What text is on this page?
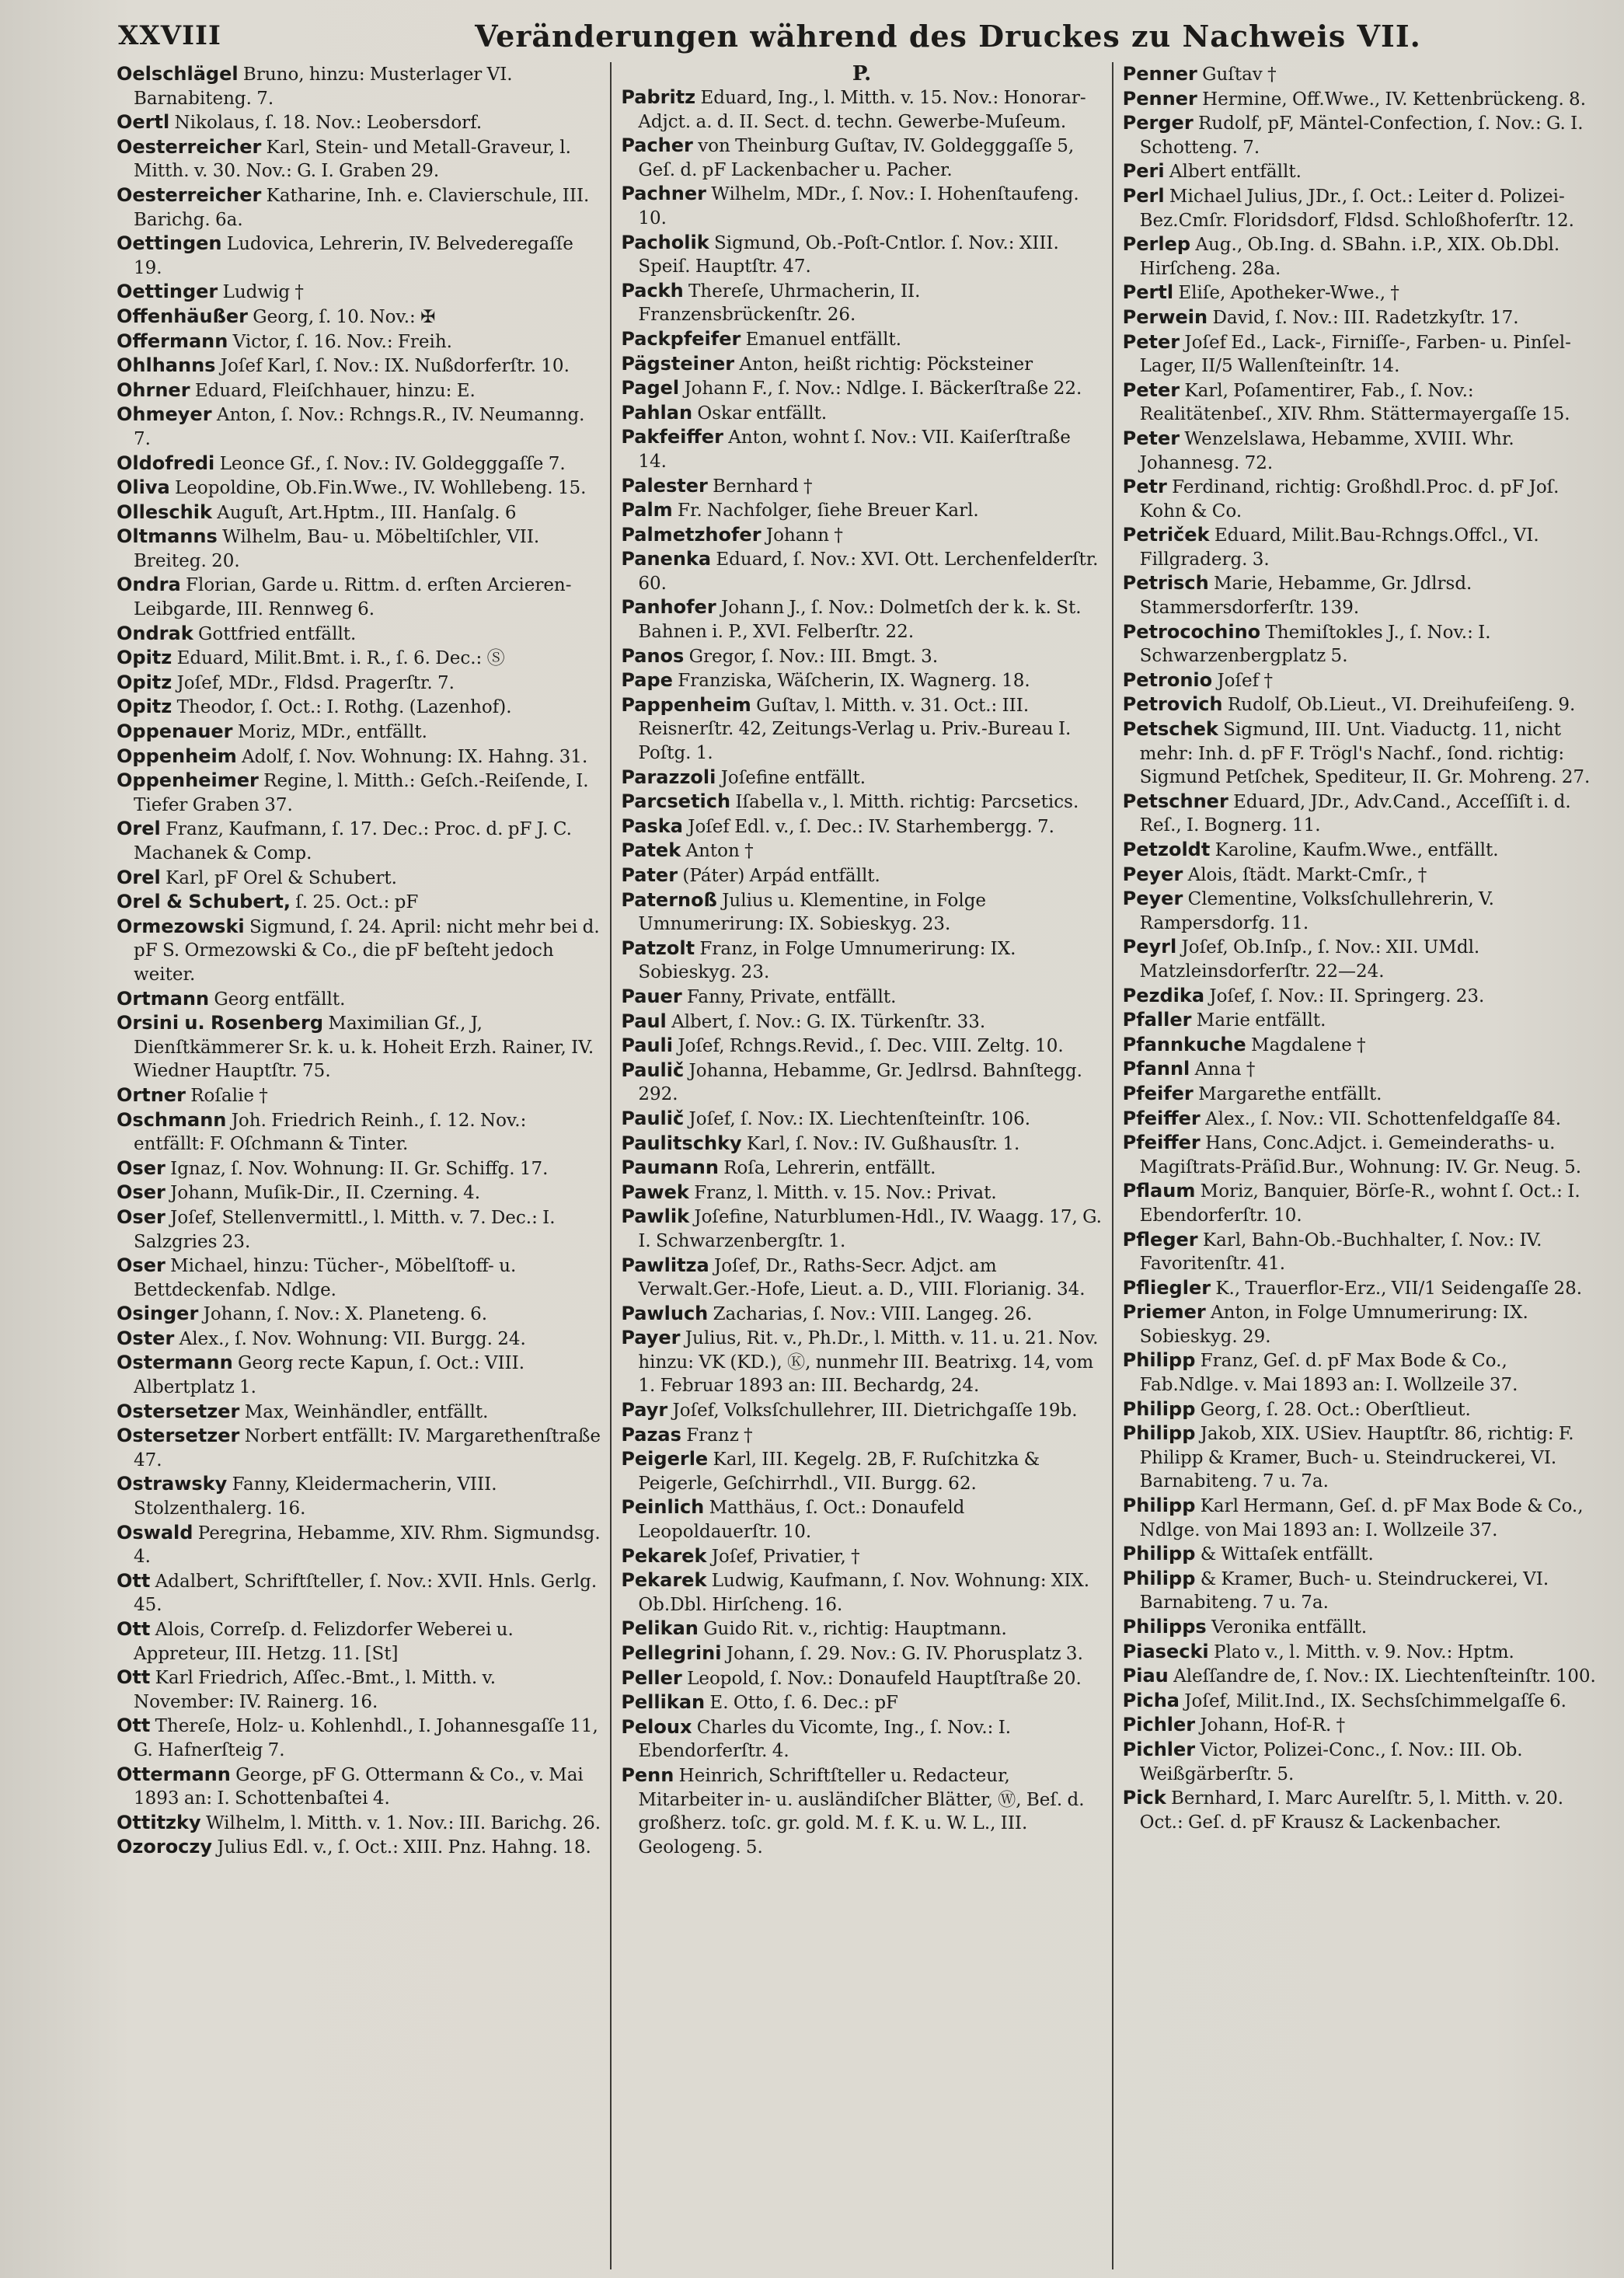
XXVIII	Veränderungen während des Druckes zu Nachweis VII.

Oelschlägel Bruno, hinzu: Musterlager VI. Barnabiteng. 7.

Oertl Nikolaus, ſ. 18. Nov.: Leobersdorf.

Oesterreicher Karl, Stein- und Metall-Graveur, l. Mitth. v. 30. Nov.: G. I. Graben 29.

Oesterreicher Katharine, Inh. e. Clavierschule, III. Barichg. 6a.

Oettingen Ludovica, Lehrerin, IV. Belvederegaſſe 19.

Oettinger Ludwig †

Offenhäußer Georg, ſ. 10. Nov.: ✠

Offermann Victor, ſ. 16. Nov.: Freih.

Ohlhanns Joſef Karl, ſ. Nov.: IX. Nußdorferſtr. 10.

Ohrner Eduard, Fleiſchhauer, hinzu: E.

Ohmeyer Anton, ſ. Nov.: Rchngs.R., IV. Neumanng. 7.

Oldofredi Leonce Gf., ſ. Nov.: IV. Goldegggaſſe 7.

Oliva Leopoldine, Ob.Fin.Wwe., IV. Wohllebeng. 15.

Olleschik Auguſt, Art.Hptm., III. Hanſalg. 6

Oltmanns Wilhelm, Bau- u. Möbeltiſchler, VII. Breiteg. 20.

Ondra Florian, Garde u. Rittm. d. erſten Arcieren-Leibgarde, III. Rennweg 6.

Ondrak Gottfried entfällt.

Opitz Eduard, Milit.Bmt. i. R., ſ. 6. Dec.: Ⓢ

Opitz Joſef, MDr., Fldsd. Pragerſtr. 7.

Opitz Theodor, ſ. Oct.: I. Rothg. (Lazenhof).

Oppenauer Moriz, MDr., entfällt.

Oppenheim Adolf, ſ. Nov. Wohnung: IX. Hahng. 31.

Oppenheimer Regine, l. Mitth.: Geſch.-Reiſende, I. Tiefer Graben 37.

Orel Franz, Kaufmann, ſ. 17. Dec.: Proc. d. pF J. C. Machanek & Comp.

Orel Karl, pF Orel & Schubert.

Orel & Schubert, ſ. 25. Oct.: pF

Ormezowski Sigmund, ſ. 24. April: nicht mehr bei d. pF S. Ormezowski & Co., die pF beſteht jedoch weiter.

Ortmann Georg entfällt.

Orsini u. Rosenberg Maximilian Gf., J, Dienſtkämmerer Sr. k. u. k. Hoheit Erzh. Rainer, IV. Wiedner Hauptſtr. 75.

Ortner Roſalie †

Oschmann Joh. Friedrich Reinh., ſ. 12. Nov.: entfällt: F. Oſchmann & Tinter.

Oser Ignaz, ſ. Nov. Wohnung: II. Gr. Schiffg. 17.

Oser Johann, Muſik-Dir., II. Czerning. 4.

Oser Joſef, Stellenvermittl., l. Mitth. v. 7. Dec.: I. Salzgries 23.

Oser Michael, hinzu: Tücher-, Möbelſtoff- u. Bettdeckenfab. Ndlge.

Osinger Johann, ſ. Nov.: X. Planeteng. 6.

Oster Alex., ſ. Nov. Wohnung: VII. Burgg. 24.

Ostermann Georg recte Kapun, ſ. Oct.: VIII. Albertplatz 1.

Ostersetzer Max, Weinhändler, entfällt.

Ostersetzer Norbert entfällt: IV. Margarethenſtraße 47.

Ostrawsky Fanny, Kleidermacherin, VIII. Stolzenthalerg. 16.

Oswald Peregrina, Hebamme, XIV. Rhm. Sigmundsg. 4.

Ott Adalbert, Schriftſteller, ſ. Nov.: XVII. Hnls. Gerlg. 45.

Ott Alois, Correſp. d. Felizdorfer Weberei u. Appreteur, III. Hetzg. 11. [St]

Ott Karl Friedrich, Aſſec.-Bmt., l. Mitth. v. November: IV. Rainerg. 16.

Ott Thereſe, Holz- u. Kohlenhdl., I. Johannesgaſſe 11, G. Hafnerſteig 7.

Ottermann George, pF G. Ottermann & Co., v. Mai 1893 an: I. Schottenbaſtei 4.

Ottitzky Wilhelm, l. Mitth. v. 1. Nov.: III. Barichg. 26.

Ozoroczy Julius Edl. v., ſ. Oct.: XIII. Pnz. Hahng. 18.

P.

Pabritz Eduard, Ing., l. Mitth. v. 15. Nov.: Honorar-Adjct. a. d. II. Sect. d. techn. Gewerbe-Muſeum.

Pacher von Theinburg Guſtav, IV. Goldegggaſſe 5, Geſ. d. pF Lackenbacher u. Pacher.

Pachner Wilhelm, MDr., ſ. Nov.: I. Hohenſtaufeng. 10.

Pacholik Sigmund, Ob.-Poſt-Cntlor. ſ. Nov.: XIII. Speiſ. Hauptſtr. 47.

Packh Thereſe, Uhrmacherin, II. Franzensbrückenſtr. 26.

Packpfeifer Emanuel entfällt.

Pägsteiner Anton, heißt richtig: Pöcksteiner

Pagel Johann F., ſ. Nov.: Ndlge. I. Bäckerſtraße 22.

Pahlan Oskar entfällt.

Pakfeiffer Anton, wohnt ſ. Nov.: VII. Kaiſerſtraße 14.

Palester Bernhard †

Palm Fr. Nachfolger, ſiehe Breuer Karl.

Palmetzhofer Johann †

Panenka Eduard, ſ. Nov.: XVI. Ott. Lerchenfelderſtr. 60.

Panhofer Johann J., ſ. Nov.: Dolmetſch der k. k. St. Bahnen i. P., XVI. Felberſtr. 22.

Panos Gregor, ſ. Nov.: III. Bmgt. 3.

Pape Franziska, Wäſcherin, IX. Wagnerg. 18.

Pappenheim Guſtav, l. Mitth. v. 31. Oct.: III. Reisnerſtr. 42, Zeitungs-Verlag u. Priv.-Bureau I. Poſtg. 1.

Parazzoli Joſefine entfällt.

Parcsetich Iſabella v., l. Mitth. richtig: Parcsetics.

Paska Joſef Edl. v., ſ. Dec.: IV. Starhembergg. 7.

Patek Anton †

Pater (Páter) Arpád entfällt.

Paternoß Julius u. Klementine, in Folge Umnumerirung: IX. Sobieskyg. 23.

Patzolt Franz, in Folge Umnumerirung: IX. Sobieskyg. 23.

Pauer Fanny, Private, entfällt.

Paul Albert, ſ. Nov.: G. IX. Türkenſtr. 33.

Pauli Joſef, Rchngs.Revid., ſ. Dec. VIII. Zeltg. 10.

Paulič Johanna, Hebamme, Gr. Jedlrsd. Bahnſtegg. 292.

Paulič Joſef, ſ. Nov.: IX. Liechtenſteinſtr. 106.

Paulitschky Karl, ſ. Nov.: IV. Gußhausſtr. 1.

Paumann Roſa, Lehrerin, entfällt.

Pawek Franz, l. Mitth. v. 15. Nov.: Privat.

Pawlik Joſefine, Naturblumen-Hdl., IV. Waagg. 17, G. I. Schwarzenbergſtr. 1.

Pawlitza Joſef, Dr., Raths-Secr. Adjct. am Verwalt.Ger.-Hofe, Lieut. a. D., VIII. Florianig. 34.

Pawluch Zacharias, ſ. Nov.: VIII. Langeg. 26.

Payer Julius, Rit. v., Ph.Dr., l. Mitth. v. 11. u. 21. Nov. hinzu: VK (KD.), Ⓚ, nunmehr III. Beatrixg. 14, vom 1. Februar 1893 an: III. Bechardg, 24.

Payr Joſef, Volksſchullehrer, III. Dietrichgaſſe 19b.

Pazas Franz †

Peigerle Karl, III. Kegelg. 2B, F. Ruſchitzka & Peigerle, Geſchirrhdl., VII. Burgg. 62.

Peinlich Matthäus, ſ. Oct.: Donaufeld Leopoldauerſtr. 10.

Pekarek Joſef, Privatier, †

Pekarek Ludwig, Kaufmann, ſ. Nov. Wohnung: XIX. Ob.Dbl. Hirſcheng. 16.

Pelikan Guido Rit. v., richtig: Hauptmann.

Pellegrini Johann, ſ. 29. Nov.: G. IV. Phorusplatz 3.

Peller Leopold, ſ. Nov.: Donaufeld Hauptſtraße 20.

Pellikan E. Otto, ſ. 6. Dec.: pF

Peloux Charles du Vicomte, Ing., ſ. Nov.: I. Ebendorferſtr. 4.

Penn Heinrich, Schriftſteller u. Redacteur, Mitarbeiter in- u. ausländiſcher Blätter, Ⓦ, Beſ. d. großherz. toſc. gr. gold. M. f. K. u. W. L., III. Geologeng. 5.

Penner Guſtav †

Penner Hermine, Off.Wwe., IV. Kettenbrückeng. 8.

Perger Rudolf, pF, Mäntel-Confection, ſ. Nov.: G. I. Schotteng. 7.

Peri Albert entfällt.

Perl Michael Julius, JDr., ſ. Oct.: Leiter d. Polizei-Bez.Cmſr. Floridsdorf, Fldsd. Schloßhoferſtr. 12.

Perlep Aug., Ob.Ing. d. SBahn. i.P., XIX. Ob.Dbl. Hirſcheng. 28a.

Pertl Eliſe, Apotheker-Wwe., †

Perwein David, ſ. Nov.: III. Radetzkyſtr. 17.

Peter Joſef Ed., Lack-, Firniſſe-, Farben- u. Pinſel-Lager, II/5 Wallenſteinſtr. 14.

Peter Karl, Poſamentirer, Fab., ſ. Nov.: Realitätenbeſ., XIV. Rhm. Stättermayergaſſe 15.

Peter Wenzelslawa, Hebamme, XVIII. Whr. Johannesg. 72.

Petr Ferdinand, richtig: Großhdl.Proc. d. pF Joſ. Kohn & Co.

Petriček Eduard, Milit.Bau-Rchngs.Offcl., VI. Fillgraderg. 3.

Petrisch Marie, Hebamme, Gr. Jdlrsd. Stammersdorferſtr. 139.

Petrocochino Themiſtokles J., ſ. Nov.: I. Schwarzenbergplatz 5.

Petronio Joſef †

Petrovich Rudolf, Ob.Lieut., VI. Dreihufeiſeng. 9.

Petschek Sigmund, III. Unt. Viaductg. 11, nicht mehr: Inh. d. pF F. Trögl's Nachf., ſond. richtig: Sigmund Petſchek, Spediteur, II. Gr. Mohreng. 27.

Petschner Eduard, JDr., Adv.Cand., Acceſſiſt i. d. Reſ., I. Bognerg. 11.

Petzoldt Karoline, Kaufm.Wwe., entfällt.

Peyer Alois, ſtädt. Markt-Cmſr., †

Peyer Clementine, Volksſchullehrerin, V. Rampersdorfg. 11.

Peyrl Joſef, Ob.Inſp., ſ. Nov.: XII. UMdl. Matzleinsdorferſtr. 22—24.

Pezdika Joſef, ſ. Nov.: II. Springerg. 23.

Pfaller Marie entfällt.

Pfannkuche Magdalene †

Pfannl Anna †

Pfeifer Margarethe entfällt.

Pfeiffer Alex., ſ. Nov.: VII. Schottenfeldgaſſe 84.

Pfeiffer Hans, Conc.Adjct. i. Gemeinderaths- u. Magiſtrats-Präſid.Bur., Wohnung: IV. Gr. Neug. 5.

Pflaum Moriz, Banquier, Börſe-R., wohnt ſ. Oct.: I. Ebendorferſtr. 10.

Pfleger Karl, Bahn-Ob.-Buchhalter, ſ. Nov.: IV. Favoritenſtr. 41.

Pfliegler K., Trauerflor-Erz., VII/1 Seidengaſſe 28.

Priemer Anton, in Folge Umnumerirung: IX. Sobieskyg. 29.

Philipp Franz, Geſ. d. pF Max Bode & Co., Fab.Ndlge. v. Mai 1893 an: I. Wollzeile 37.

Philipp Georg, ſ. 28. Oct.: Oberſtlieut.

Philipp Jakob, XIX. USiev. Hauptſtr. 86, richtig: F. Philipp & Kramer, Buch- u. Steindruckerei, VI. Barnabiteng. 7 u. 7a.

Philipp Karl Hermann, Geſ. d. pF Max Bode & Co., Ndlge. von Mai 1893 an: I. Wollzeile 37.

Philipp & Wittaſek entfällt.

Philipp & Kramer, Buch- u. Steindruckerei, VI. Barnabiteng. 7 u. 7a.

Philipps Veronika entfällt.

Piasecki Plato v., l. Mitth. v. 9. Nov.: Hptm.

Piau Aleſſandre de, ſ. Nov.: IX. Liechtenſteinſtr. 100.

Picha Joſef, Milit.Ind., IX. Sechsſchimmelgaſſe 6.

Pichler Johann, Hof-R. †

Pichler Victor, Polizei-Conc., ſ. Nov.: III. Ob. Weißgärberſtr. 5.

Pick Bernhard, I. Marc Aurelſtr. 5, l. Mitth. v. 20. Oct.: Geſ. d. pF Krausz & Lackenbacher.
